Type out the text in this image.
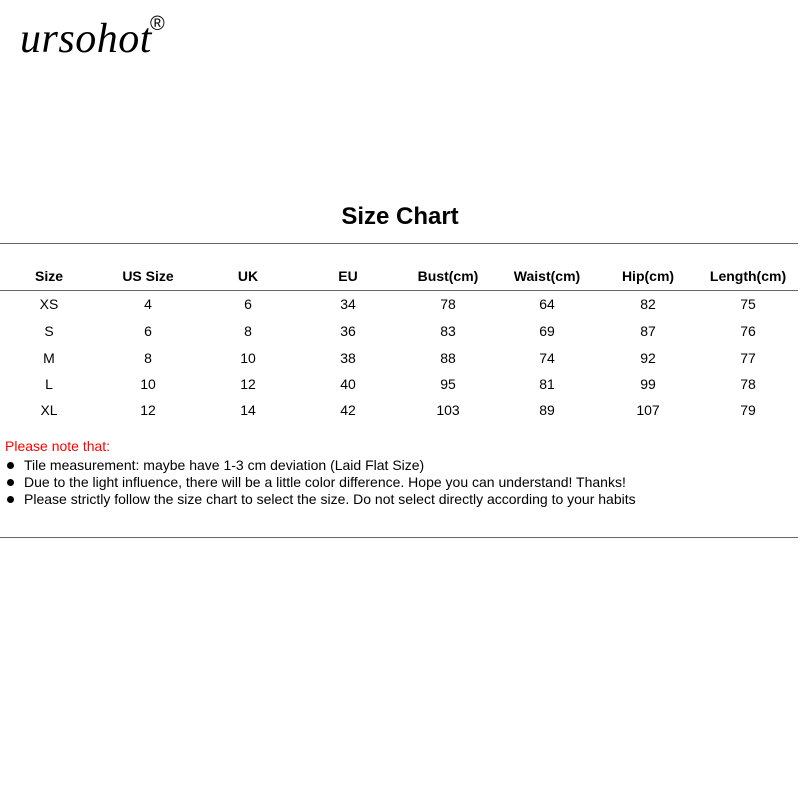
ursohot
®
Size Chart
Size	US Size	UK	EU	Bust(cm)	Waist(cm)	Hip(cm)	Length(cm)
XS	4	6	34	78	64	82	75
S	6	8	36	83	69	87	76
M	8	10	38	88	74	92	77
L	10	12	40	95	81	99	78
XL	12	14	42	103	89	107	79
Please note that:
Tile measurement: maybe have 1-3 cm deviation (Laid Flat Size)
Due to the light influence, there will be a little color difference. Hope you can understand! Thanks!
Please strictly follow the size chart to select the size. Do not select directly according to your habits
